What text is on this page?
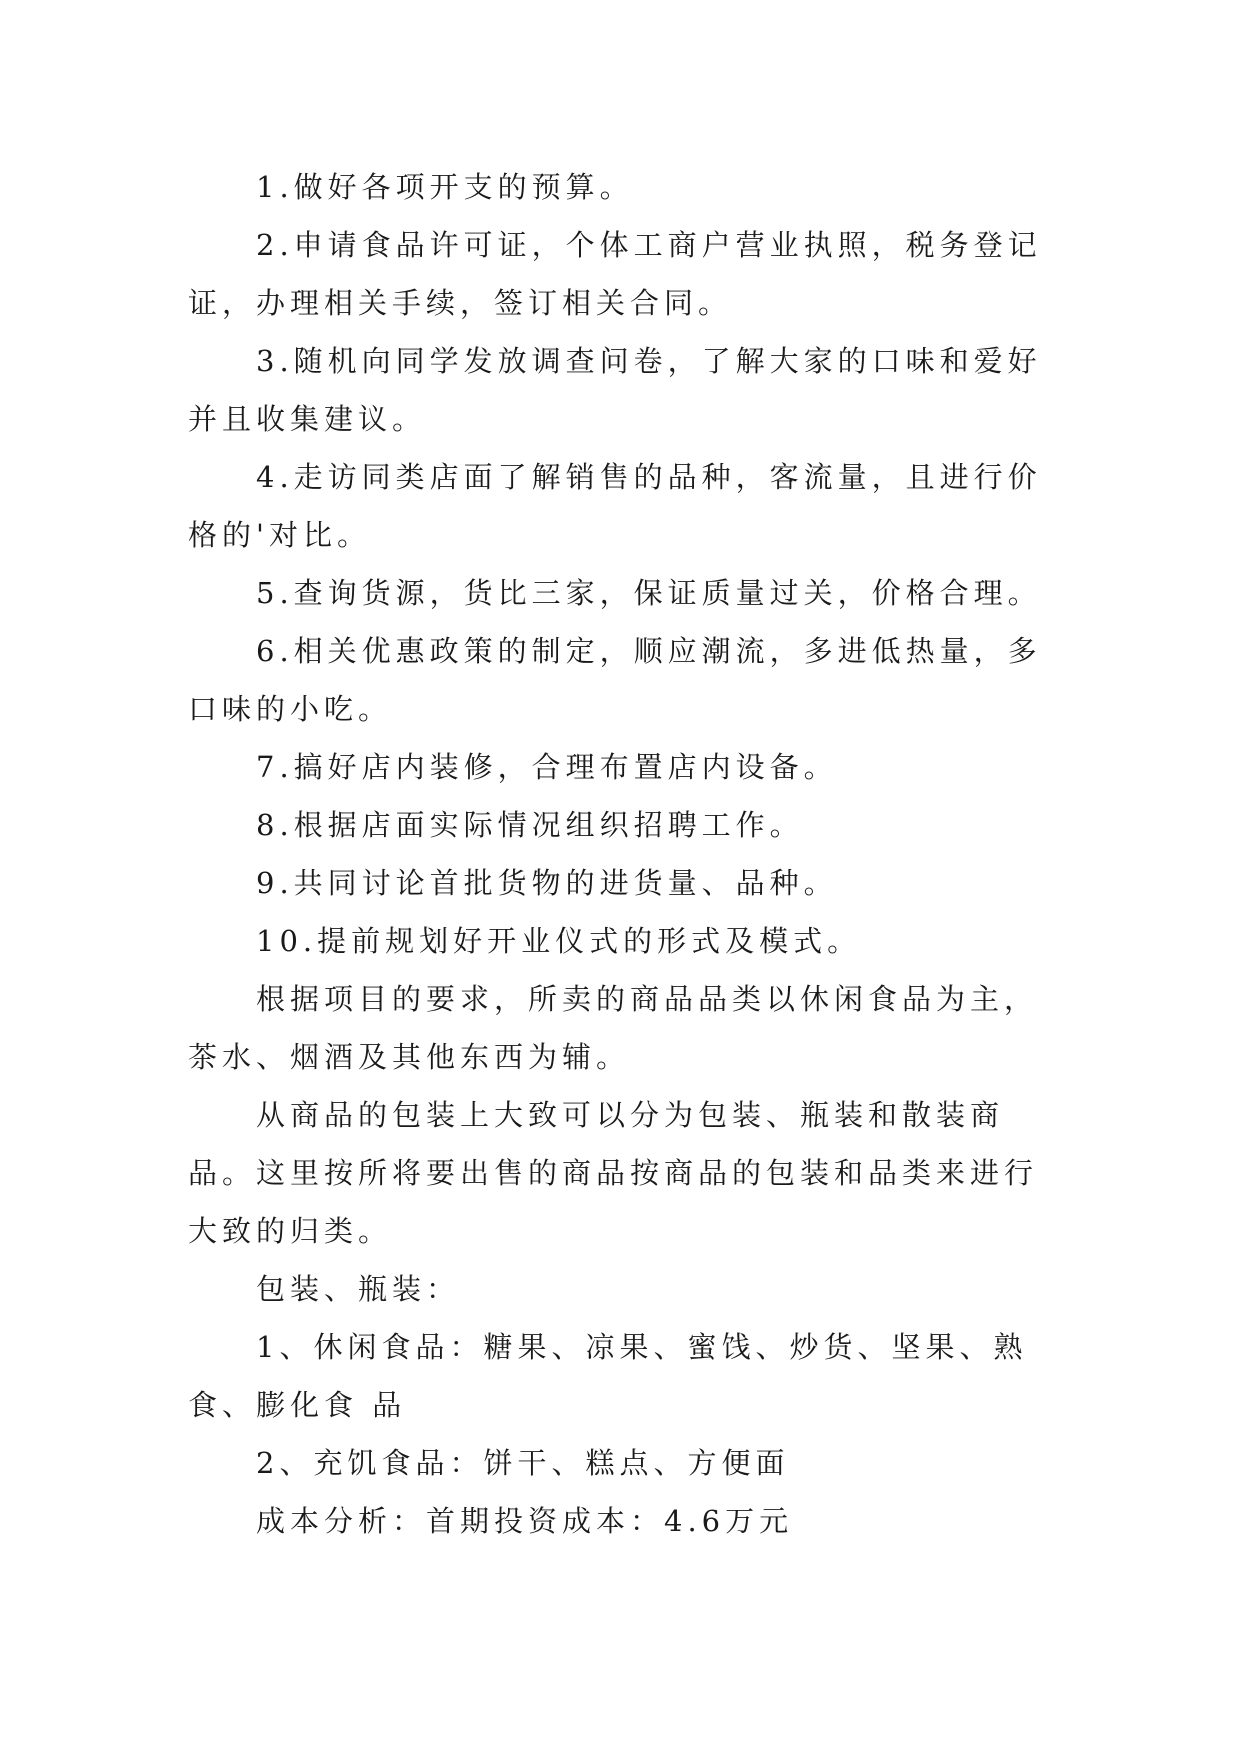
1.做好各项开支的预算。

2.申请食品许可证，个体工商户营业执照，税务登记证，办理相关手续，签订相关合同。

3.随机向同学发放调查问卷，了解大家的口味和爱好并且收集建议。

4.走访同类店面了解销售的品种，客流量，且进行价格的'对比。

5.查询货源，货比三家，保证质量过关，价格合理。

6.相关优惠政策的制定，顺应潮流，多进低热量，多口味的小吃。

7.搞好店内装修，合理布置店内设备。

8.根据店面实际情况组织招聘工作。

9.共同讨论首批货物的进货量、品种。

10.提前规划好开业仪式的形式及模式。

根据项目的要求，所卖的商品品类以休闲食品为主，茶水、烟酒及其他东西为辅。

从商品的包装上大致可以分为包装、瓶装和散装商品。这里按所将要出售的商品按商品的包装和品类来进行大致的归类。

包装、瓶装：

1、休闲食品：糖果、凉果、蜜饯、炒货、坚果、熟食、膨化食 品

2、充饥食品：饼干、糕点、方便面

成本分析：首期投资成本：4.6万元
